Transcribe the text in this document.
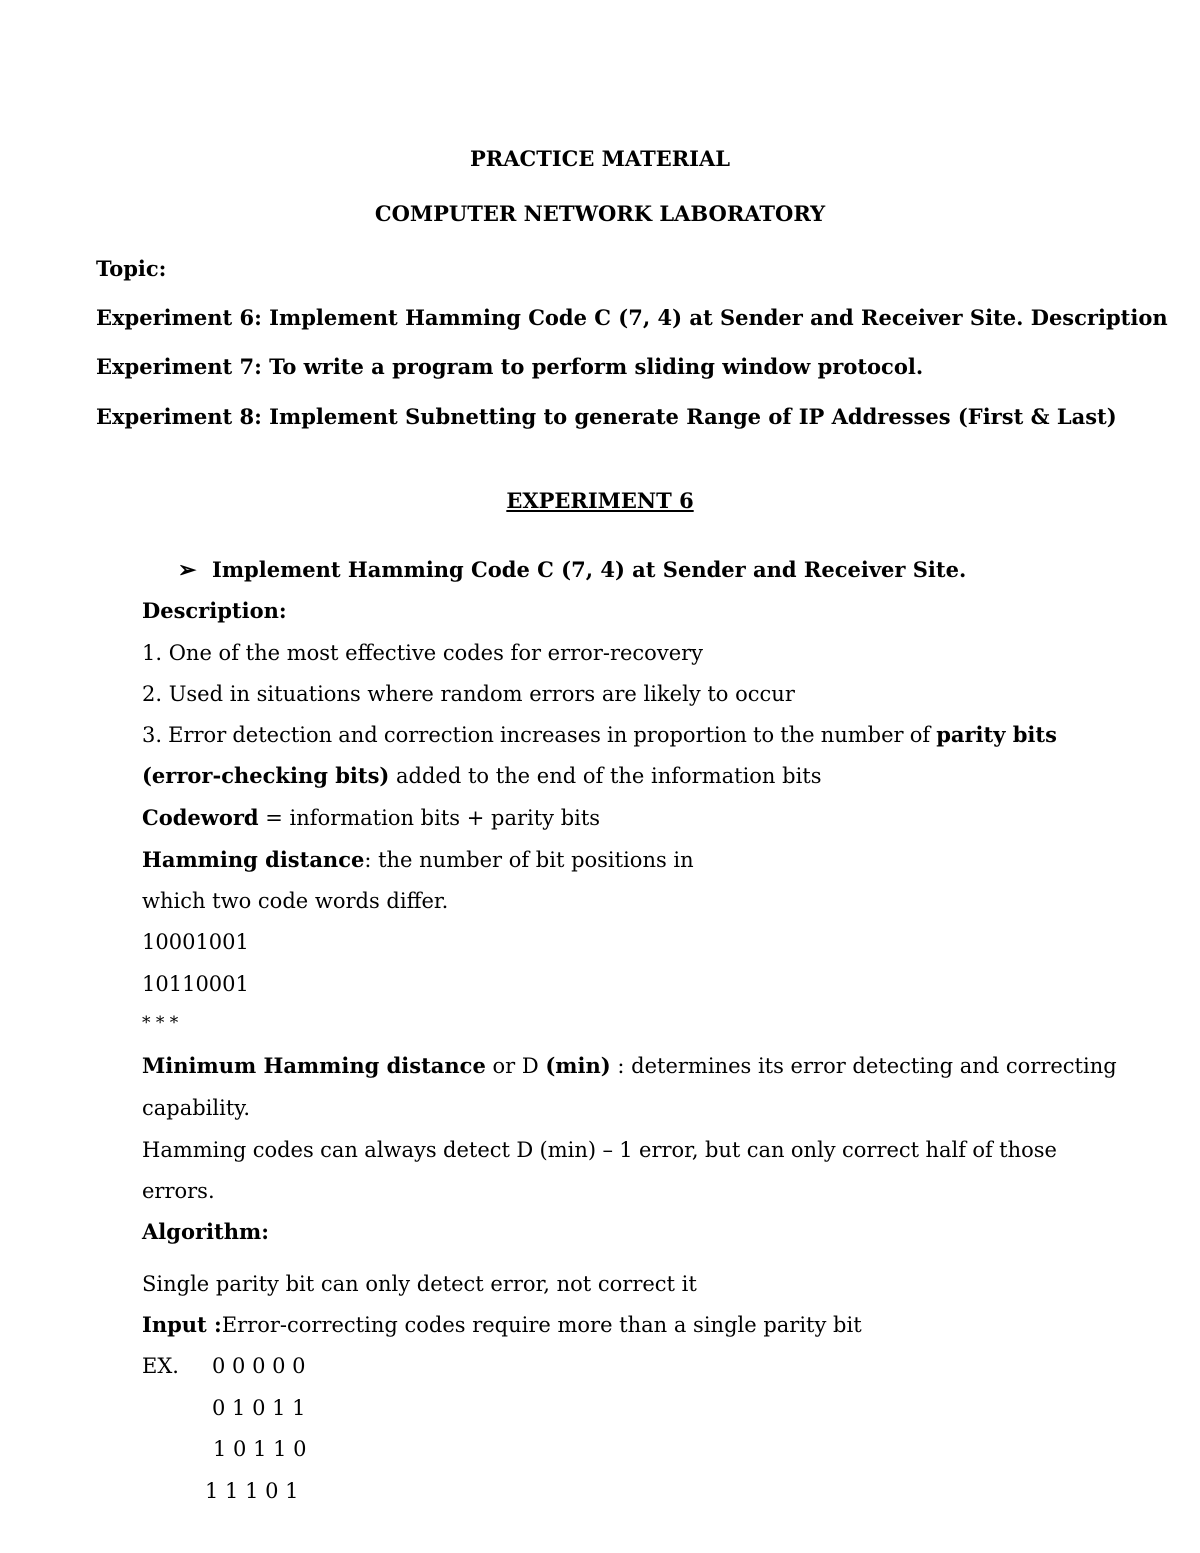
PRACTICE MATERIAL
COMPUTER NETWORK LABORATORY
Topic:
Experiment 6: Implement Hamming Code C (7, 4) at Sender and Receiver Site. Description
Experiment 7: To write a program to perform sliding window protocol.
Experiment 8: Implement Subnetting to generate Range of IP Addresses (First & Last)
EXPERIMENT 6
➢ Implement Hamming Code C (7, 4) at Sender and Receiver Site.
Description:
1. One of the most effective codes for error-recovery
2. Used in situations where random errors are likely to occur
3. Error detection and correction increases in proportion to the number of parity bits
(error-checking bits) added to the end of the information bits
Codeword = information bits + parity bits
Hamming distance: the number of bit positions in
which two code words differ.
10001001
10110001
* * *
Minimum Hamming distance or D (min) : determines its error detecting and correcting
capability.
Hamming codes can always detect D (min) – 1 error, but can only correct half of those
errors.
Algorithm:
Single parity bit can only detect error, not correct it
Input :Error-correcting codes require more than a single parity bit
EX. 0 0 0 0 0
0 1 0 1 1
1 0 1 1 0
1 1 1 0 1
